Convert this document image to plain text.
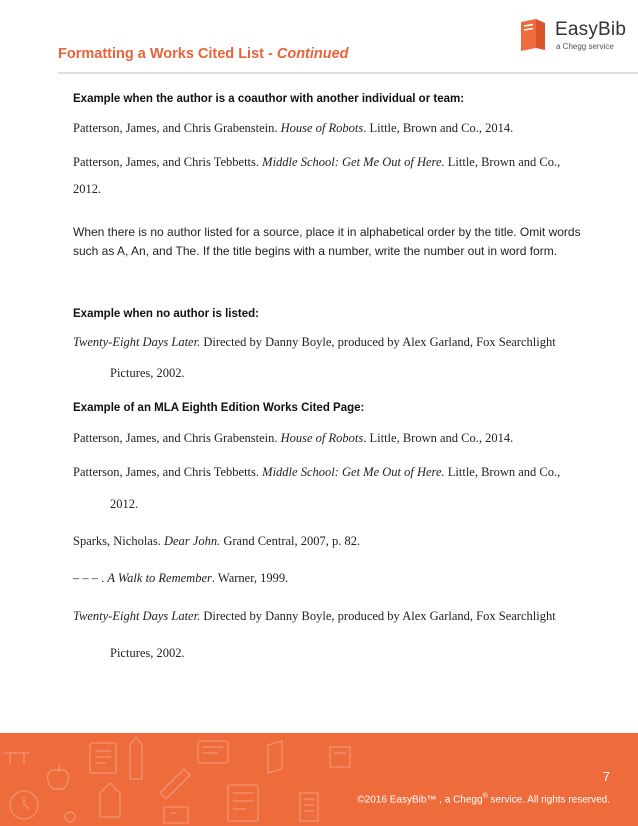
EasyBib
a Chegg service
Formatting a Works Cited List - Continued
Example when the author is a coauthor with another individual or team:
Patterson, James, and Chris Grabenstein. House of Robots. Little, Brown and Co., 2014.
Patterson, James, and Chris Tebbetts. Middle School: Get Me Out of Here. Little, Brown and Co.,
2012.
When there is no author listed for a source, place it in alphabetical order by the title. Omit words such as A, An, and The. If the title begins with a number, write the number out in word form.
Example when no author is listed:
Twenty-Eight Days Later. Directed by Danny Boyle, produced by Alex Garland, Fox Searchlight
Pictures, 2002.
Example of an MLA Eighth Edition Works Cited Page:
Patterson, James, and Chris Grabenstein. House of Robots. Little, Brown and Co., 2014.
Patterson, James, and Chris Tebbetts. Middle School: Get Me Out of Here. Little, Brown and Co.,
2012.
Sparks, Nicholas. Dear John. Grand Central, 2007, p. 82.
– – – . A Walk to Remember. Warner, 1999.
Twenty-Eight Days Later. Directed by Danny Boyle, produced by Alex Garland, Fox Searchlight
Pictures, 2002.
7
©2016 EasyBib™ , a Chegg® service. All rights reserved.
